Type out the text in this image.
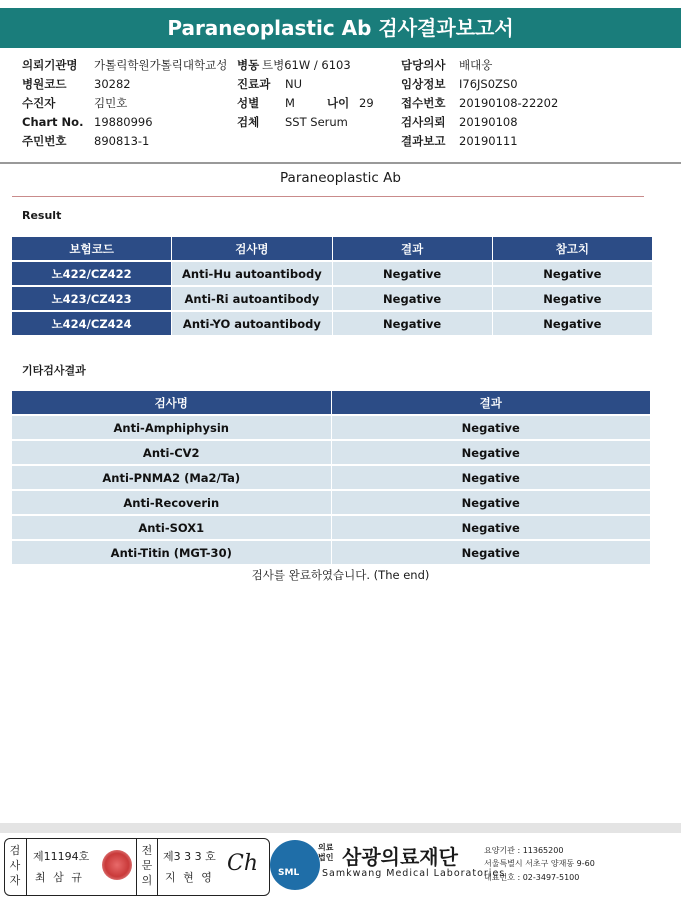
Paraneoplastic Ab 검사결과보고서
의뢰기관명 가톨릭학원가톨릭대학교성
병원코드 30282
수진자	김민호
Chart No. 19880996
주민번호 890813-1
병동 트병61W / 6103
진료과 NU
성별 M	나이 29
검체 SST Serum
담당의사 배대웅
임상정보 I76JS0ZS0
접수번호 20190108-22202
검사의뢰 20190108
결과보고 20190111
Paraneoplastic Ab
Result
보험코드	검사명	결과	참고치
노422/CZ422	Anti-Hu autoantibody	Negative	Negative
노423/CZ423	Anti-Ri autoantibody	Negative	Negative
노424/CZ424	Anti-YO autoantibody	Negative	Negative
기타검사결과
검사명	결과
Anti-Amphiphysin	Negative
Anti-CV2	Negative
Anti-PNMA2 (Ma2/Ta)	Negative
Anti-Recoverin	Negative
Anti-SOX1	Negative
Anti-Titin (MGT-30)	Negative
검사를 완료하였습니다. (The end)
검사자
제11194호
최 삼 규
전문의
제3 3 3 호
지 현 영
Ch SML
의료
법인 삼광의료재단
Samkwang Medical Laboratories
요양기관 : 11365200
서울특별시 서초구 양재동 9-60
대표번호 : 02-3497-5100
